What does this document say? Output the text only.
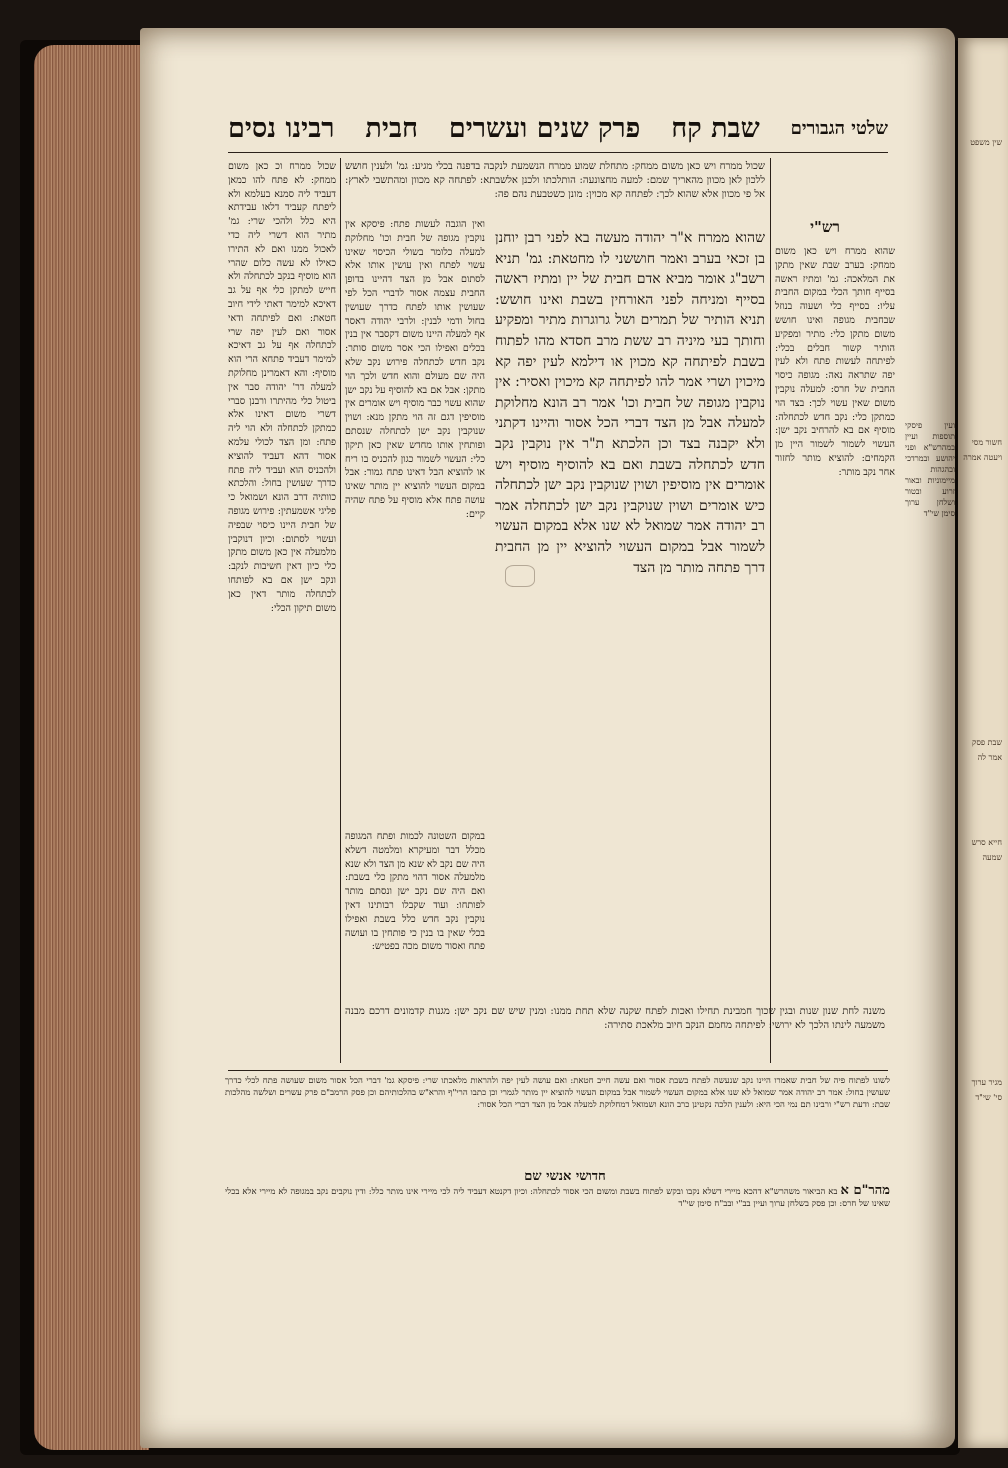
שין משפט
חשור מסי
ויעטה אמרה
שבת פסק
אמר לה
חייא סרש
שמעה
מגיר ערוך
סי' שי"ד
רבינו נסים חבית פרק שנים ועשרים שבת קח שלטי הגבורים
שכול ממרח וכ כאן משום ממחק: לא פתח להו כמאן דעביד ליה סמנא בעלמא ולא ליפתח קעביד דלאו עבידתא היא כלל ולהכי שרי: גמ' מתיר הוא דשרי ליה כדי לאכול ממנו ואם לא התירו כאילו לא עשה כלום שהרי הוא מוסיף בנקב לכתחלה ולא חייש למתקן כלי אף על גב דאיכא למימר דאתי לידי חיוב חטאת: ואם לפיתחה ודאי אסור ואם לעין יפה שרי לכתחלה אף על גב דאיכא למימר דעביד פתחא הרי הוא מוסיף: והא דאמרינן מחלוקת למעלה דר' יהודה סבר אין ביטול כלי מהיתרו ורבנן סברי דשרי משום דאינו אלא כמתקן לכתחלה ולא הוי ליה פתח: ומן הצד לכולי עלמא אסור דהא דעביד להוציא ולהכניס הוא ועביד ליה פתח כדרך שעושין בחול: והלכתא כוותיה דרב הונא ושמואל כי פליגי אשמעתין: פירוש מגופה של חבית היינו כיסוי שבפיה ועשוי לסתום: וכיון דנוקבין מלמעלה אין כאן משום מתקן כלי כיון דאין חשיבות לנקב: ונקב ישן אם בא לפותחו לכתחלה מותר דאין כאן משום תיקון הכלי:
שכול ממרח ויש כאן משום ממחק: מתחלת שמוע ממרח הנשמעת לנקבה בדפנה בכלי מגיע: גמ' ולענין חושש ללכון לאן מכוון מהאריך שמם: למעה מחצונעה: הותלכתו ולכנן אלשבתא: לפתחה קא מכוון ומהתשבי לארץ: אל פי מכוון אלא שהוא לכך: לפתחה קא מכוין: מונן כשטבעת נהם פה:
רש"י
שהוא ממרח ויש כאן משום ממחק: בערב שבת שאין מתקן את המלאכה: גמ' ומתיז ראשה בסייף חותך הכלי במקום החבית עליו: בסייף כלי ושעוה בנוזל שבחבית מגופה ואינו חושש משום מתקן כלי: מתיר ומפקיע הותיר קשור חבלים בכלי: לפיתחה לעשות פתח ולא לעין יפה שתראה נאה: מגופה כיסוי החבית של חרס: למעלה נוקבין משום שאין עשוי לכך: בצד הוי כמתקן כלי: נקב חדש לכתחלה: מוסיף אם בא להרחיב נקב ישן: העשוי לשמור לשמור היין מן הקמחים: להוציא מותר לחזור אחר נקב מותר:
ואין הוגבה לעשות פתח: פיסקא אין נוקבין מגופה של חבית וכו' מחלוקת למעלה כלומר בשולי הכיסוי שאינו עשוי לפתח ואין עושין אותו אלא לסתום אבל מן הצד דהיינו בדופן החבית עצמה אסור לדברי הכל לפי שעושין אותו לפתח כדרך שעושין בחול ודמי לבנין: ולרבי יהודה דאסר אף למעלה היינו משום דקסבר אין בנין בכלים ואפילו הכי אסר משום סותר: נקב חדש לכתחלה פירוש נקב שלא היה שם מעולם והוא חדש ולכך הוי מתקן: אבל אם בא להוסיף על נקב ישן שהוא עשוי כבר מוסיף ויש אומרים אין מוסיפין דגם זה הוי מתקן מנא: ושוין שנוקבין נקב ישן לכתחלה שנסתם ופותחין אותו מחדש שאין כאן תיקון כלי: העשוי לשמור כגון להכניס בו ריח או להוציא הבל דאינו פתח גמור: אבל במקום העשוי להוציא יין מותר שאינו עושה פתח אלא מוסיף על פתח שהיה קיים:
שהוא ממרח א"ר יהודה מעשה בא לפני רבן יוחנן בן זכאי בערב ואמר חוששני לו מחטאת: גמ' תניא רשב"ג אומר מביא אדם חבית של יין ומתיז ראשה בסייף ומניחה לפני האורחין בשבת ואינו חושש: תניא הותיר של תמרים ושל גרוגרות מתיר ומפקיע וחותך בעי מיניה רב ששת מרב חסדא מהו לפתוח בשבת לפיתחה קא מכוין או דילמא לעין יפה קא מיכוין ושרי אמר להו לפיתחה קא מיכוין ואסיר: אין נוקבין מגופה של חבית וכו' אמר רב הונא מחלוקת למעלה אבל מן הצד דברי הכל אסור והיינו דקתני ולא יקבנה בצד וכן הלכתא ת"ר אין נוקבין נקב חדש לכתחלה בשבת ואם בא להוסיף מוסיף ויש אומרים אין מוסיפין ושוין שנוקבין נקב ישן לכתחלה כיש אומרים ושוין שנוקבין נקב ישן לכתחלה אמר רב יהודה אמר שמואל לא שנו אלא במקום העשוי לשמור אבל במקום העשוי להוציא יין מן החבית דרך פתחה מותר מן הצד
במקום השטונה לכמות ופתח המגופה מכלל דבר ומעיקרא ומלמטה דשלא היה שם נקב לא שנא מן הצד ולא שנא מלמעלה אסור דהוי מתקן כלי בשבת: ואם היה שם נקב ישן ונסתם מותר לפותחו: ועוד שקבלו רבותינו דאין נוקבין נקב חדש כלל בשבת ואפילו בכלי שאין בו בנין כי פותחין בו ועושה פתח ואסור משום מכה בפטיש:
משנה לחת שנון שנות ובגין שכוך חמבינת תחילו ואכות לפתח שקנה שלא תחת ממנו: ומנין שיש שם נקב ישן: מגנות קדמונים דרכם מבנה משמעה לינתו הלכך לא ירושי: לפיתחה מחמם הנקב חיוב מלאכת סתירה:
ועין פיסקי תוספות ועיין במהרש"א ופני יהושע ובמרדכי ובהגהות מיימוניות ובאור זרוע ובטור ושלחן ערוך סימן שי"ד
לשונו לפתוח פיה של חבית שאמרו היינו נקב שנעשה לפתח בשבת אסור ואם עשה חייב חטאת: ואם עושה לעין יפה ולהראות מלאכתו שרי: פיסקא גמ' דברי הכל אסור משום שעושה פתח לכלי כדרך שעושין בחול: אמר רב יהודה אמר שמואל לא שנו אלא במקום העשוי לשמור אבל במקום העשוי להוציא יין מותר לגמרי וכן כתבו הרי"ף והרא"ש בהלכותיהם וכן פסק הרמב"ם פרק עשרים ושלשה מהלכות שבת: ודעת רש"י ורבינו תם נמי הכי היא: ולענין הלכה נקטינן כרב הונא ושמואל דמחלוקת למעלה אבל מן הצד דברי הכל אסור:
חדושי אנשי שם
מהר"ם א בא הביאור משהרש"א דהכא מיירי דשלא נקבו ובקש לפתוח בשבת ומשום הכי אסור לכתחלה: וכיון דקנטא דעביד ליה לכי מיירי אינו מותר כלל: ודין נוקבים נקב במגופה לא מיירי אלא בכלי שאינו של חרס: וכן פסק בשלחן ערוך ועיין בב"י ובב"ח סימן שי"ד
